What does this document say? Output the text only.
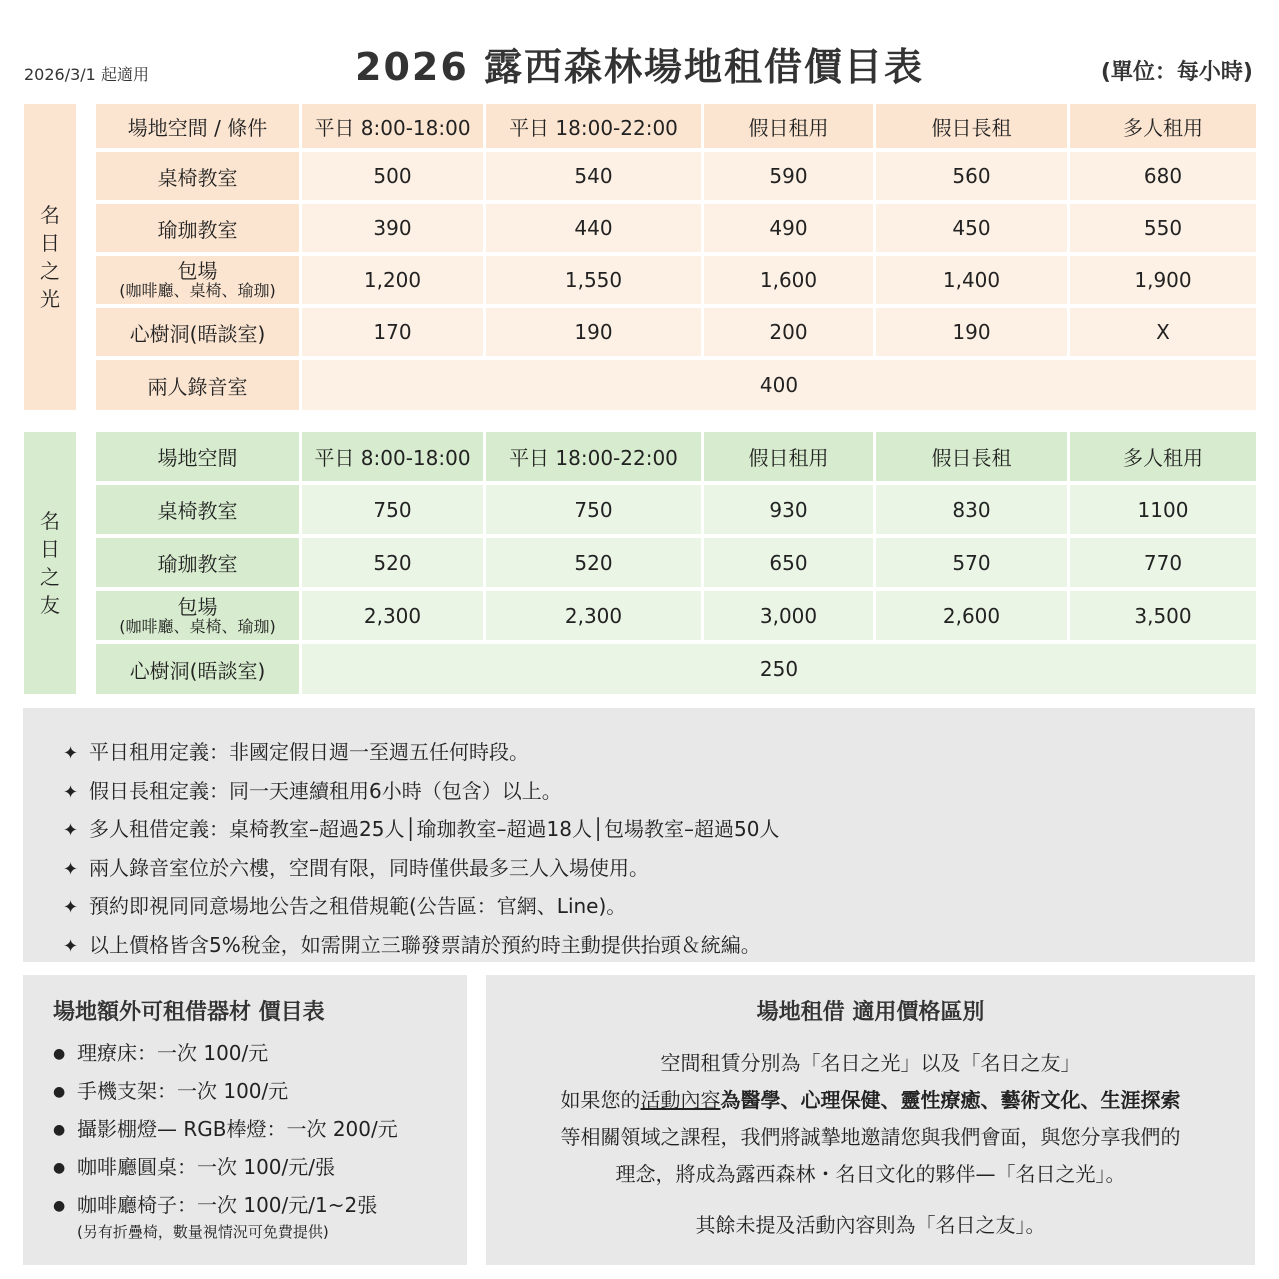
2026/3/1 起適用	2026 露西森林場地租借價目表	(單位：每小時)
名
日
之
光
場地空間 / 條件	平日 8:00-18:00	平日 18:00-22:00	假日租用	假日長租	多人租用
桌椅教室	500	540	590	560	680
瑜珈教室	390	440	490	450	550

包場
(咖啡廳、桌椅、瑜珈)	1,200	1,550	1,600	1,400	1,900
心樹洞(晤談室)	170	190	200	190	X
兩人錄音室	400				
名
日
之
友
場地空間	平日 8:00-18:00	平日 18:00-22:00	假日租用	假日長租	多人租用
桌椅教室	750	750	930	830	1100
瑜珈教室	520	520	650	570	770

包場
(咖啡廳、桌椅、瑜珈)	2,300	2,300	3,000	2,600	3,500
心樹洞(晤談室)	250				
✦ 平日租用定義：非國定假日週一至週五任何時段。
✦ 假日長租定義：同一天連續租用6小時（包含）以上。
✦ 多人租借定義：桌椅教室–超過25人│瑜珈教室–超過18人│包場教室–超過50人
✦ 兩人錄音室位於六樓，空間有限，同時僅供最多三人入場使用。
✦ 預約即視同同意場地公告之租借規範(公告區：官網、Line)。
✦ 以上價格皆含5%稅金，如需開立三聯發票請於預約時主動提供抬頭＆統編。
場地額外可租借器材 價目表
● 理療床：一次 100/元
● 手機支架：一次 100/元
● 攝影棚燈— RGB棒燈：一次 200/元
● 咖啡廳圓桌：一次 100/元/張
● 咖啡廳椅子：一次 100/元/1~2張
(另有折疊椅，數量視情況可免費提供)
場地租借 適用價格區別

空間租賃分別為「名日之光」以及「名日之友」

如果您的活動內容為醫學、心理保健、靈性療癒、藝術文化、生涯探索

等相關領域之課程，我們將誠摯地邀請您與我們會面，與您分享我們的

理念，將成為露西森林・名日文化的夥伴—「名日之光」。

其餘未提及活動內容則為「名日之友」。
